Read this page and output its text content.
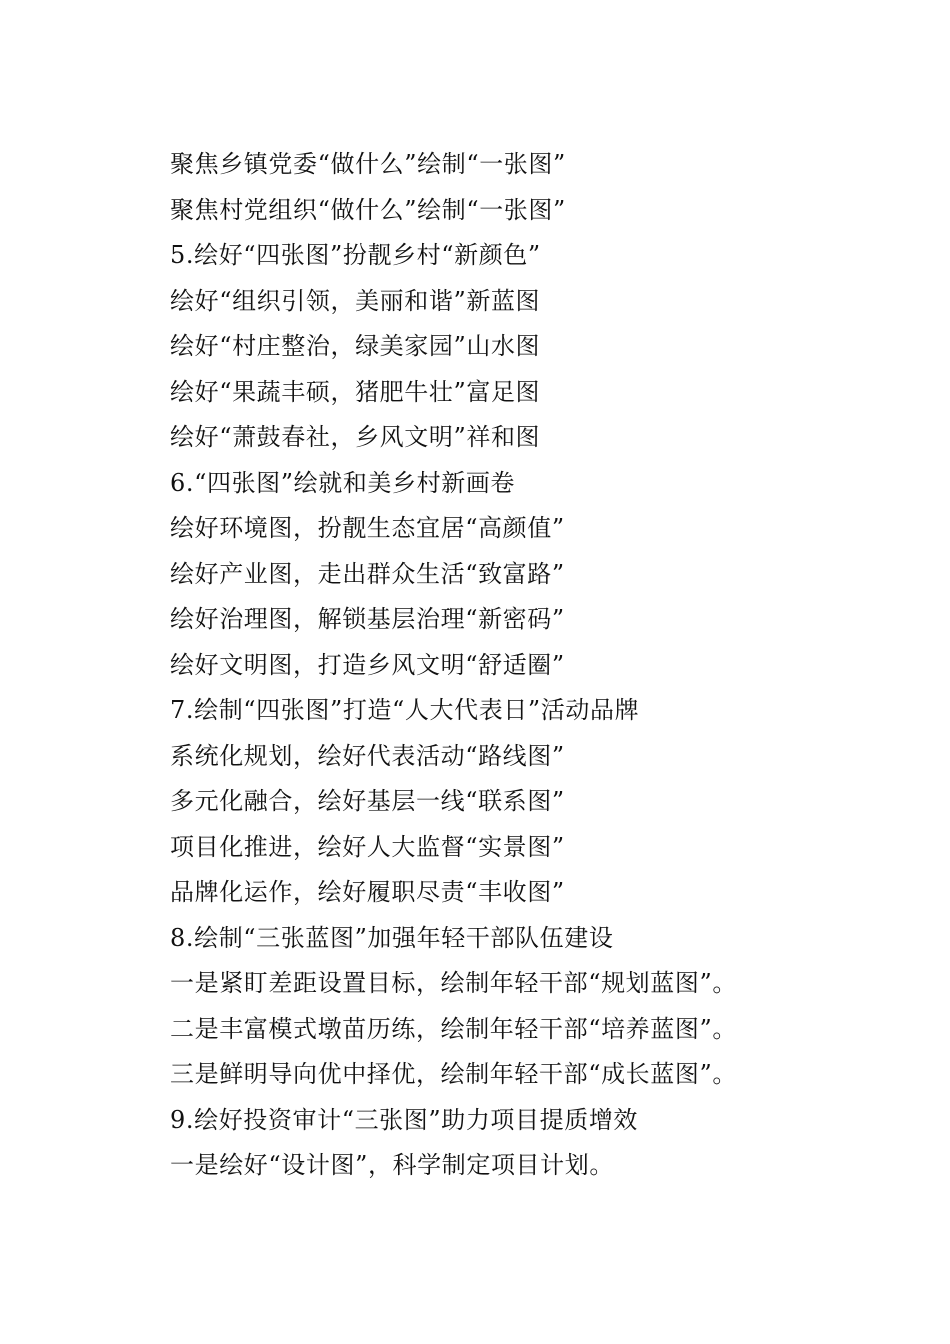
聚焦乡镇党委“做什么”绘制“一张图”
聚焦村党组织“做什么”绘制“一张图”
5.绘好“四张图”扮靓乡村“新颜色”
绘好“组织引领，美丽和谐”新蓝图
绘好“村庄整治，绿美家园”山水图
绘好“果蔬丰硕，猪肥牛壮”富足图
绘好“萧鼓春社，乡风文明”祥和图
6.“四张图”绘就和美乡村新画卷
绘好环境图，扮靓生态宜居“高颜值”
绘好产业图，走出群众生活“致富路”
绘好治理图，解锁基层治理“新密码”
绘好文明图，打造乡风文明“舒适圈”
7.绘制“四张图”打造“人大代表日”活动品牌
系统化规划，绘好代表活动“路线图”
多元化融合，绘好基层一线“联系图”
项目化推进，绘好人大监督“实景图”
品牌化运作，绘好履职尽责“丰收图”
8.绘制“三张蓝图”加强年轻干部队伍建设
一是紧盯差距设置目标，绘制年轻干部“规划蓝图”。
二是丰富模式墩苗历练，绘制年轻干部“培养蓝图”。
三是鲜明导向优中择优，绘制年轻干部“成长蓝图”。
9.绘好投资审计“三张图”助力项目提质增效
一是绘好“设计图”，科学制定项目计划。
